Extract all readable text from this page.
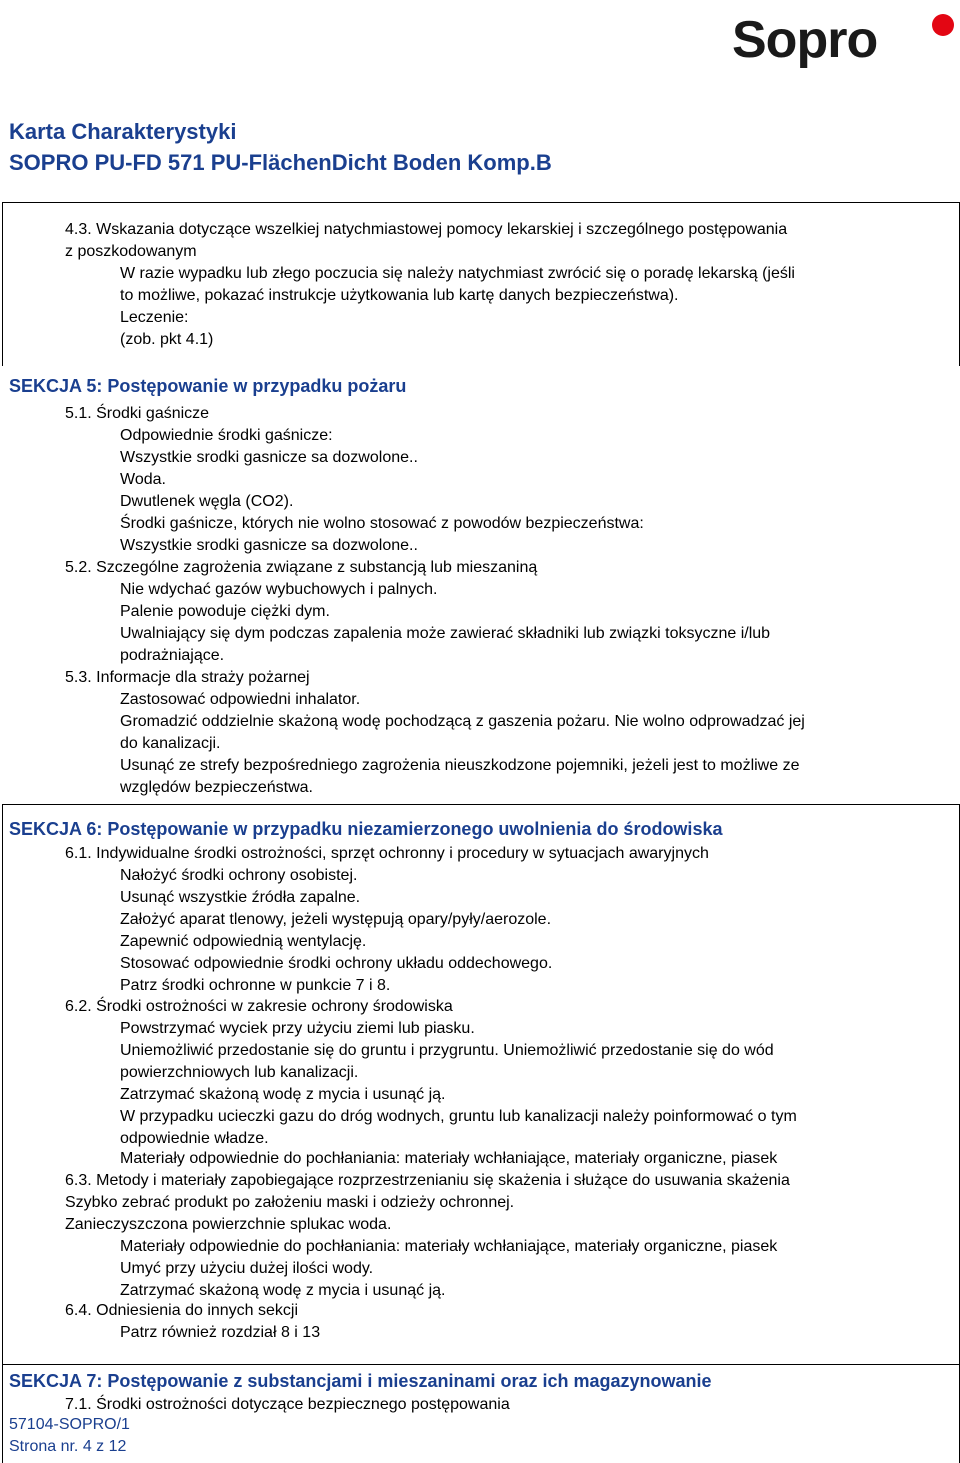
Sopro
Karta Charakterystyki
SOPRO PU-FD 571 PU-FlächenDicht Boden Komp.B
4.3. Wskazania dotyczące wszelkiej natychmiastowej pomocy lekarskiej i szczególnego postępowania
z poszkodowanym
W razie wypadku lub złego poczucia się należy natychmiast zwrócić się o poradę lekarską (jeśli
to możliwe, pokazać instrukcje użytkowania lub kartę danych bezpieczeństwa).
Leczenie:
(zob. pkt 4.1)
SEKCJA 5: Postępowanie w przypadku pożaru
5.1. Środki gaśnicze
Odpowiednie środki gaśnicze:
Wszystkie srodki gasnicze sa dozwolone..
Woda.
Dwutlenek węgla (CO2).
Środki gaśnicze, których nie wolno stosować z powodów bezpieczeństwa:
Wszystkie srodki gasnicze sa dozwolone..
5.2. Szczególne zagrożenia związane z substancją lub mieszaniną
Nie wdychać gazów wybuchowych i palnych.
Palenie powoduje ciężki dym.
Uwalniający się dym podczas zapalenia może zawierać składniki lub związki toksyczne i/lub
podrażniające.
5.3. Informacje dla straży pożarnej
Zastosować odpowiedni inhalator.
Gromadzić oddzielnie skażoną wodę pochodzącą z gaszenia pożaru. Nie wolno odprowadzać jej
do kanalizacji.
Usunąć ze strefy bezpośredniego zagrożenia nieuszkodzone pojemniki, jeżeli jest to możliwe ze
względów bezpieczeństwa.
SEKCJA 6: Postępowanie w przypadku niezamierzonego uwolnienia do środowiska
6.1. Indywidualne środki ostrożności, sprzęt ochronny i procedury w sytuacjach awaryjnych
Nałożyć środki ochrony osobistej.
Usunąć wszystkie źródła zapalne.
Założyć aparat tlenowy, jeżeli występują opary/pyły/aerozole.
Zapewnić odpowiednią wentylację.
Stosować odpowiednie środki ochrony układu oddechowego.
Patrz środki ochronne w punkcie 7 i 8.
6.2. Środki ostrożności w zakresie ochrony środowiska
Powstrzymać wyciek przy użyciu ziemi lub piasku.
Uniemożliwić przedostanie się do gruntu i przygruntu. Uniemożliwić przedostanie się do wód
powierzchniowych lub kanalizacji.
Zatrzymać skażoną wodę z mycia i usunąć ją.
W przypadku ucieczki gazu do dróg wodnych, gruntu lub kanalizacji należy poinformować o tym
odpowiednie władze.
Materiały odpowiednie do pochłaniania: materiały wchłaniające, materiały organiczne, piasek
6.3. Metody i materiały zapobiegające rozprzestrzenianiu się skażenia i służące do usuwania skażenia
Szybko zebrać produkt po założeniu maski i odzieży ochronnej.
Zanieczyszczona powierzchnie splukac woda.
Materiały odpowiednie do pochłaniania: materiały wchłaniające, materiały organiczne, piasek
Umyć przy użyciu dużej ilości wody.
Zatrzymać skażoną wodę z mycia i usunąć ją.
6.4. Odniesienia do innych sekcji
Patrz również rozdział 8 i 13
SEKCJA 7: Postępowanie z substancjami i mieszaninami oraz ich magazynowanie
7.1. Środki ostrożności dotyczące bezpiecznego postępowania
57104-SOPRO/1
Strona nr. 4 z 12
